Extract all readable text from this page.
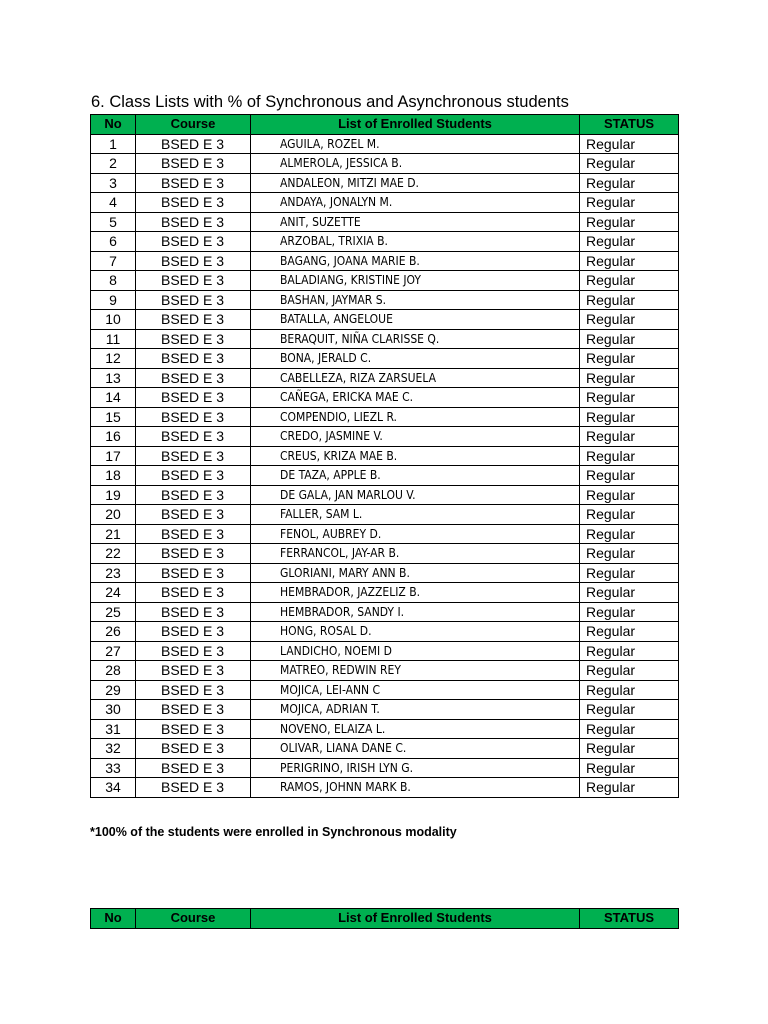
6. Class Lists with % of Synchronous and Asynchronous students
No	Course	List of Enrolled Students	STATUS
1	BSED E 3	AGUILA, ROZEL M.	Regular
2	BSED E 3	ALMEROLA, JESSICA B.	Regular
3	BSED E 3	ANDALEON, MITZI MAE D.	Regular
4	BSED E 3	ANDAYA, JONALYN M.	Regular
5	BSED E 3	ANIT, SUZETTE	Regular
6	BSED E 3	ARZOBAL, TRIXIA B.	Regular
7	BSED E 3	BAGANG, JOANA MARIE B.	Regular
8	BSED E 3	BALADIANG, KRISTINE JOY	Regular
9	BSED E 3	BASHAN, JAYMAR S.	Regular
10	BSED E 3	BATALLA, ANGELOUE	Regular
11	BSED E 3	BERAQUIT, NIÑA CLARISSE Q.	Regular
12	BSED E 3	BONA, JERALD C.	Regular
13	BSED E 3	CABELLEZA, RIZA ZARSUELA	Regular
14	BSED E 3	CAÑEGA, ERICKA MAE C.	Regular
15	BSED E 3	COMPENDIO, LIEZL R.	Regular
16	BSED E 3	CREDO, JASMINE V.	Regular
17	BSED E 3	CREUS, KRIZA MAE B.	Regular
18	BSED E 3	DE TAZA, APPLE B.	Regular
19	BSED E 3	DE GALA, JAN MARLOU V.	Regular
20	BSED E 3	FALLER, SAM L.	Regular
21	BSED E 3	FENOL, AUBREY D.	Regular
22	BSED E 3	FERRANCOL, JAY-AR B.	Regular
23	BSED E 3	GLORIANI, MARY ANN B.	Regular
24	BSED E 3	HEMBRADOR, JAZZELIZ B.	Regular
25	BSED E 3	HEMBRADOR, SANDY I.	Regular
26	BSED E 3	HONG, ROSAL D.	Regular
27	BSED E 3	LANDICHO, NOEMI D	Regular
28	BSED E 3	MATREO, REDWIN REY	Regular
29	BSED E 3	MOJICA, LEI-ANN C	Regular
30	BSED E 3	MOJICA, ADRIAN T.	Regular
31	BSED E 3	NOVENO, ELAIZA L.	Regular
32	BSED E 3	OLIVAR, LIANA DANE C.	Regular
33	BSED E 3	PERIGRINO, IRISH LYN G.	Regular
34	BSED E 3	RAMOS, JOHNN MARK B.	Regular
*100% of the students were enrolled in Synchronous modality
No	Course	List of Enrolled Students	STATUS
